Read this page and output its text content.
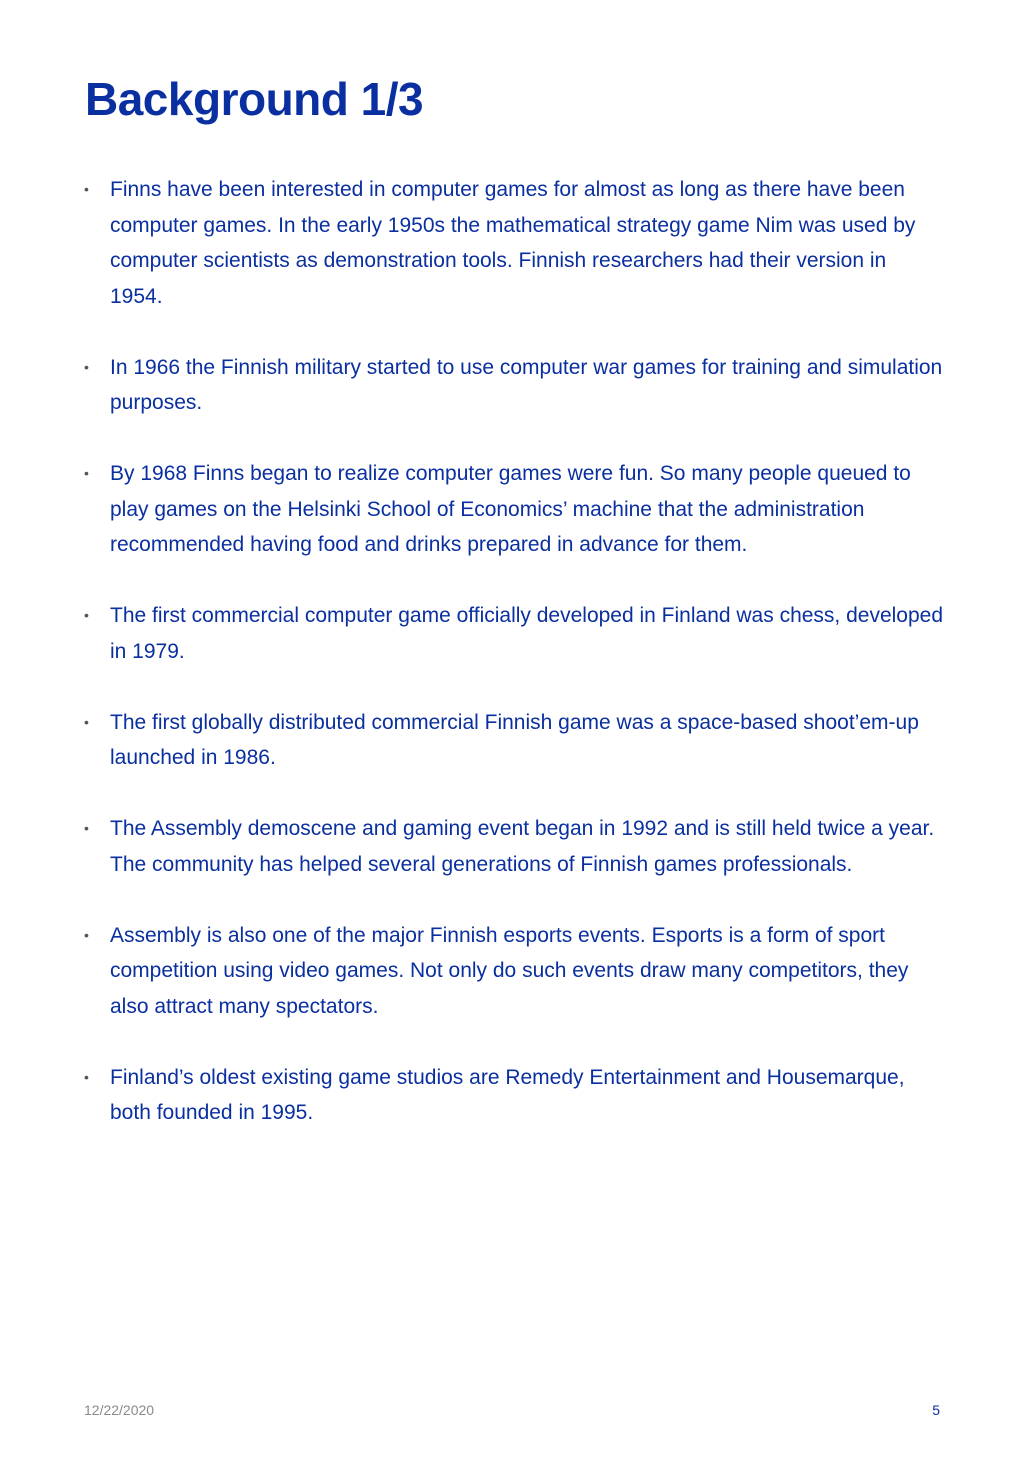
Background 1/3
• Finns have been interested in computer games for almost as long as there have been computer games. In the early 1950s the mathematical strategy game Nim was used by computer scientists as demonstration tools. Finnish researchers had their version in 1954.
• In 1966 the Finnish military started to use computer war games for training and simulation purposes.
• By 1968 Finns began to realize computer games were fun. So many people queued to play games on the Helsinki School of Economics’ machine that the administration recommended having food and drinks prepared in advance for them.
• The first commercial computer game officially developed in Finland was chess, developed in 1979.
• The first globally distributed commercial Finnish game was a space-based shoot’em-up launched in 1986.
• The Assembly demoscene and gaming event began in 1992 and is still held twice a year. The community has helped several generations of Finnish games professionals.
• Assembly is also one of the major Finnish esports events. Esports is a form of sport competition using video games. Not only do such events draw many competitors, they also attract many spectators.
• Finland’s oldest existing game studios are Remedy Entertainment and Housemarque, both founded in 1995.
12/22/2020	5
